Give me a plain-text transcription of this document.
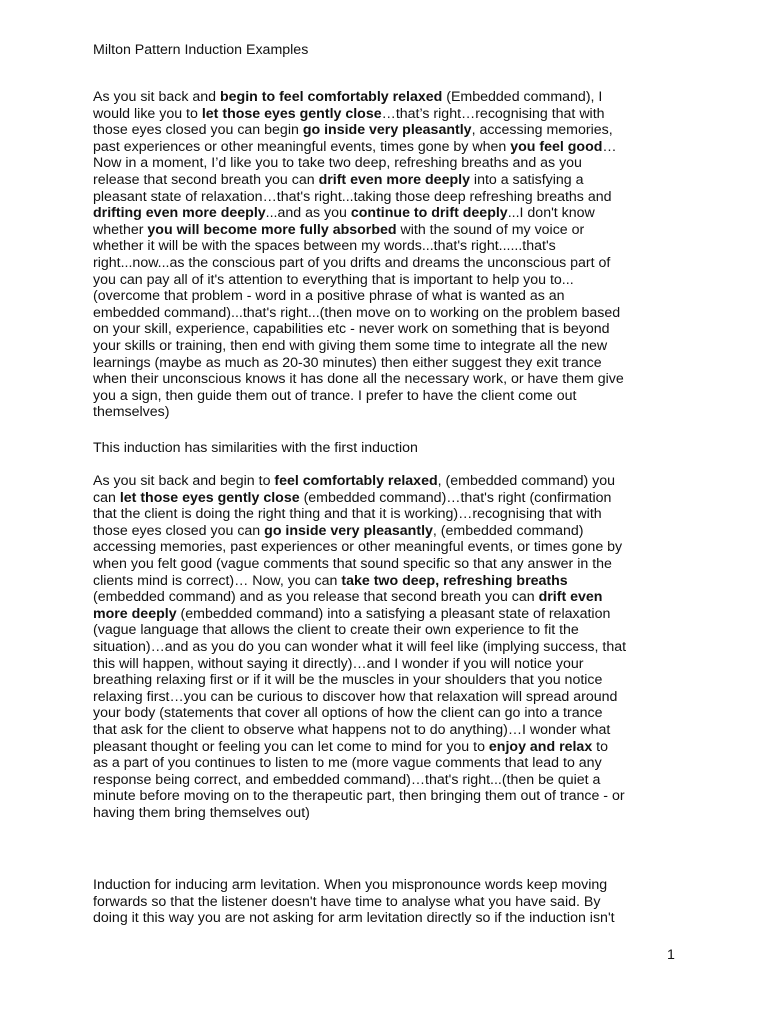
Milton Pattern Induction Examples
As you sit back and begin to feel comfortably relaxed (Embedded command), I
would like you to let those eyes gently close…that’s right…recognising that with
those eyes closed you can begin go inside very pleasantly, accessing memories,
past experiences or other meaningful events, times gone by when you feel good…
Now in a moment, I’d like you to take two deep, refreshing breaths and as you
release that second breath you can drift even more deeply into a satisfying a
pleasant state of relaxation…that's right...taking those deep refreshing breaths and
drifting even more deeply...and as you continue to drift deeply...I don't know
whether you will become more fully absorbed with the sound of my voice or
whether it will be with the spaces between my words...that's right......that's
right...now...as the conscious part of you drifts and dreams the unconscious part of
you can pay all of it's attention to everything that is important to help you to...
(overcome that problem - word in a positive phrase of what is wanted as an
embedded command)...that's right...(then move on to working on the problem based
on your skill, experience, capabilities etc - never work on something that is beyond
your skills or training, then end with giving them some time to integrate all the new
learnings (maybe as much as 20-30 minutes) then either suggest they exit trance
when their unconscious knows it has done all the necessary work, or have them give
you a sign, then guide them out of trance. I prefer to have the client come out
themselves)
This induction has similarities with the first induction
As you sit back and begin to feel comfortably relaxed, (embedded command) you
can let those eyes gently close (embedded command)…that's right (confirmation
that the client is doing the right thing and that it is working)…recognising that with
those eyes closed you can go inside very pleasantly, (embedded command)
accessing memories, past experiences or other meaningful events, or times gone by
when you felt good (vague comments that sound specific so that any answer in the
clients mind is correct)… Now, you can take two deep, refreshing breaths
(embedded command) and as you release that second breath you can drift even
more deeply (embedded command) into a satisfying a pleasant state of relaxation
(vague language that allows the client to create their own experience to fit the
situation)…and as you do you can wonder what it will feel like (implying success, that
this will happen, without saying it directly)…and I wonder if you will notice your
breathing relaxing first or if it will be the muscles in your shoulders that you notice
relaxing first…you can be curious to discover how that relaxation will spread around
your body (statements that cover all options of how the client can go into a trance
that ask for the client to observe what happens not to do anything)…I wonder what
pleasant thought or feeling you can let come to mind for you to enjoy and relax to
as a part of you continues to listen to me (more vague comments that lead to any
response being correct, and embedded command)…that's right...(then be quiet a
minute before moving on to the therapeutic part, then bringing them out of trance - or
having them bring themselves out)
Induction for inducing arm levitation. When you mispronounce words keep moving
forwards so that the listener doesn't have time to analyse what you have said. By
doing it this way you are not asking for arm levitation directly so if the induction isn't
1
